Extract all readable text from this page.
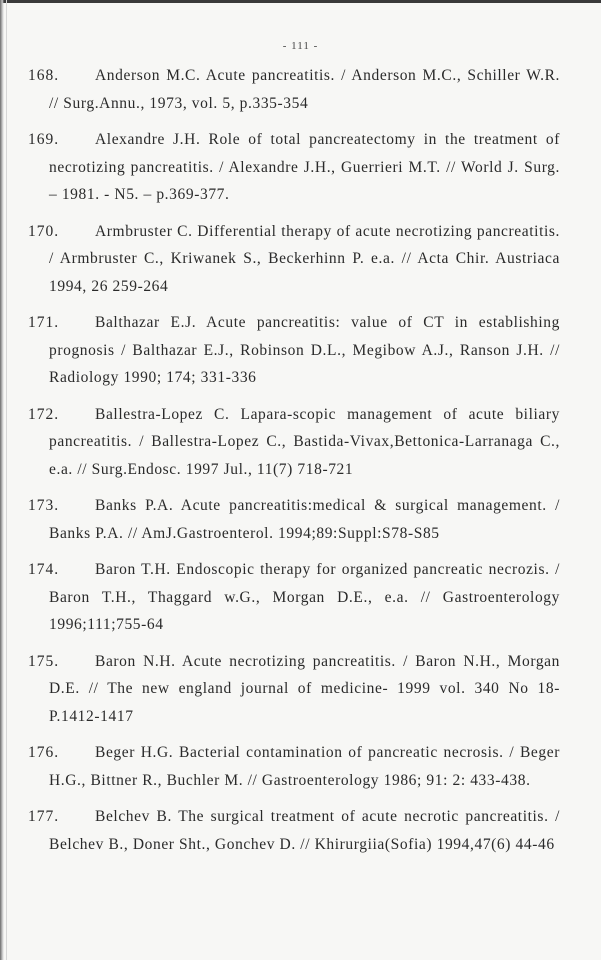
- 111 -
168.	Anderson M.C. Acute pancreatitis. / Anderson M.C., Schiller W.R. // Surg.Annu., 1973, vol. 5, p.335-354
169.	Alexandre J.H. Role of total pancreatectomy in the treatment of necrotizing pancreatitis. / Alexandre J.H., Guerrieri M.T. // World J. Surg. – 1981. - N5. – p.369-377.
170.	Armbruster C. Differential therapy of acute necrotizing pancreatitis. / Armbruster C., Kriwanek S., Beckerhinn P. e.a. // Acta Chir. Austriaca 1994, 26 259-264
171.	Balthazar E.J. Acute pancreatitis: value of CT in establishing prognosis / Balthazar E.J., Robinson D.L., Megibow A.J., Ranson J.H. // Radiology 1990; 174; 331-336
172.	Ballestra-Lopez C. Lapara-scopic management of acute biliary pancreatitis. / Ballestra-Lopez C., Bastida-Vivax,Bettonica-Larranaga C., e.a. // Surg.Endosc. 1997 Jul., 11(7) 718-721
173.	Banks P.A. Acute pancreatitis:medical & surgical management. / Banks P.A. // AmJ.Gastroenterol. 1994;89:Suppl:S78-S85
174.	Baron T.H. Endoscopic therapy for organized pancreatic necrozis. / Baron T.H., Thaggard w.G., Morgan D.E., e.a. // Gastroenterology 1996;111;755-64
175.	Baron N.H. Acute necrotizing pancreatitis. / Baron N.H., Morgan D.E. // The new england journal of medicine- 1999 vol. 340 No 18- P.1412-1417
176.	Beger H.G. Bacterial contamination of pancreatic necrosis. / Beger H.G., Bittner R., Buchler M. // Gastroenterology 1986; 91: 2: 433-438.
177.	Belchev B. The surgical treatment of acute necrotic pancreatitis. / Belchev B., Doner Sht., Gonchev D. // Khirurgiia(Sofia) 1994,47(6) 44-46
